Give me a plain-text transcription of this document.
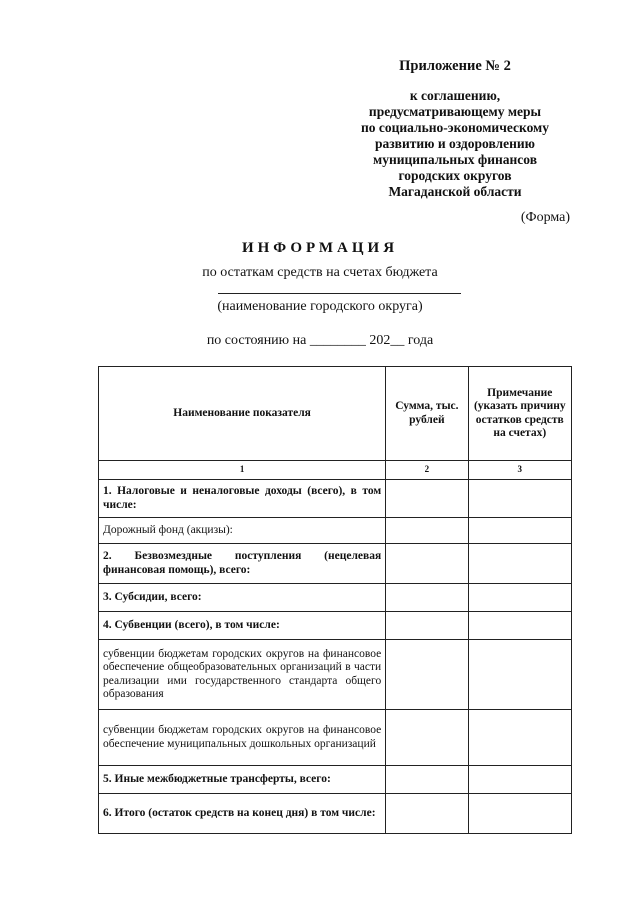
Приложение № 2
к соглашению,
предусматривающему меры
по социально-экономическому
развитию и оздоровлению
муниципальных финансов
городских округов
Магаданской области
(Форма)
ИНФОРМАЦИЯ
по остаткам средств на счетах бюджета
(наименование городского округа)
по состоянию на ________ 202__ года
Наименование показателя	Сумма, тыс. рублей	Примечание (указать причину остатков средств на счетах)
1	2	3
1. Налоговые и неналоговые доходы (всего), в том числе:		
Дорожный фонд (акцизы):		
2. Безвозмездные поступления (нецелевая финансовая помощь), всего:		
3. Субсидии, всего:		
4. Субвенции (всего), в том числе:		
субвенции бюджетам городских округов на финансовое обеспечение общеобразовательных организаций в части реализации ими государственного стандарта общего образования		
субвенции бюджетам городских округов на финансовое обеспечение муниципальных дошкольных организаций		
5. Иные межбюджетные трансферты, всего:		
6. Итого (остаток средств на конец дня) в том числе:		
